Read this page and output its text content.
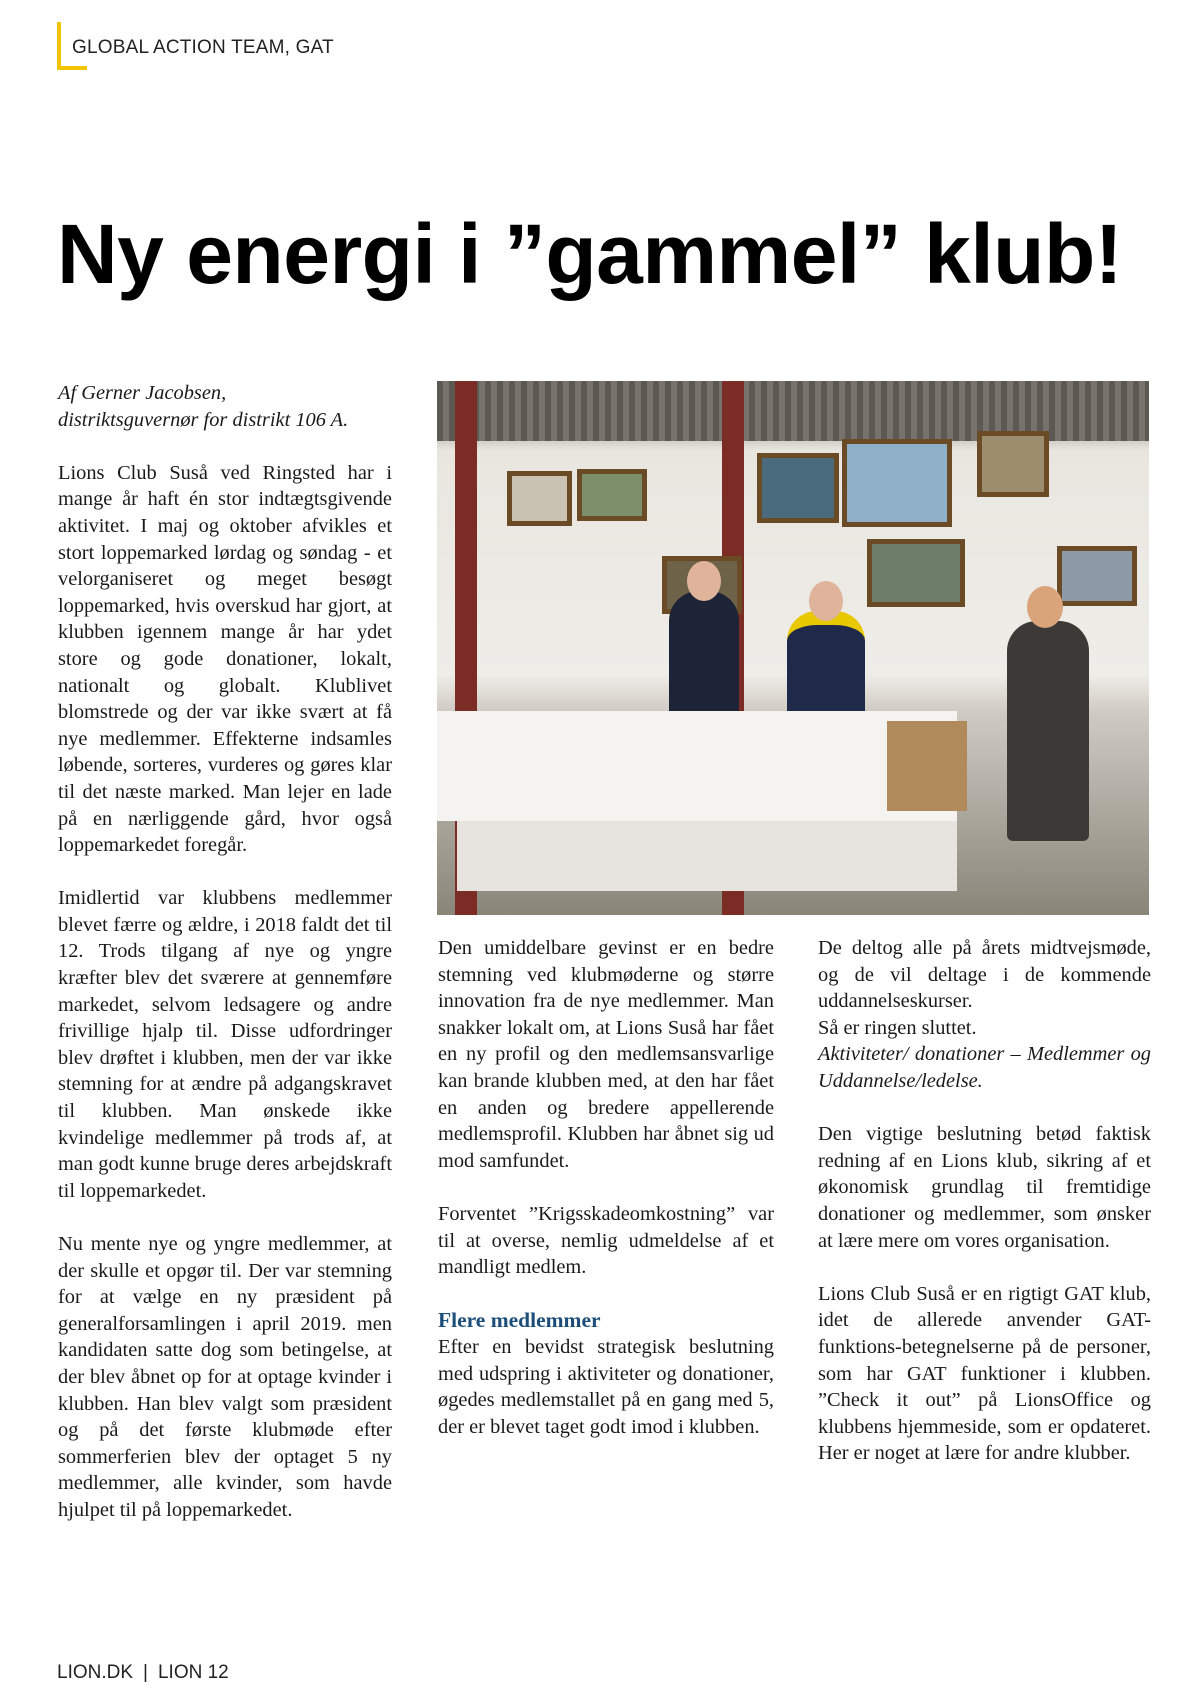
GLOBAL ACTION TEAM, GAT
Ny energi i ”gammel” klub!
Af Gerner Jacobsen,
distriktsguvernør for distrikt 106 A.

Lions Club Suså ved Ringsted har i mange år haft én stor indtægtsgivende aktivitet. I maj og oktober afvikles et stort loppemarked lørdag og søndag - et velorganiseret og meget besøgt loppemarked, hvis overskud har gjort, at klubben igennem mange år har ydet store og gode donationer, lokalt, nationalt og globalt. Klublivet blomstrede og der var ikke svært at få nye medlemmer. Effekterne indsamles løbende, sorteres, vurderes og gøres klar til det næste marked. Man lejer en lade på en nærliggende gård, hvor også loppemarkedet foregår.

Imidlertid var klubbens medlemmer blevet færre og ældre, i 2018 faldt det til 12. Trods tilgang af nye og yngre kræfter blev det sværere at gennemføre markedet, selvom ledsagere og andre frivillige hjalp til. Disse udfordringer blev drøftet i klubben, men der var ikke stemning for at ændre på adgangskravet til klubben. Man ønskede ikke kvindelige medlemmer på trods af, at man godt kunne bruge deres arbejdskraft til loppemarkedet.

Nu mente nye og yngre medlemmer, at der skulle et opgør til. Der var stemning for at vælge en ny præsident på generalforsamlingen i april 2019. men kandidaten satte dog som betingelse, at der blev åbnet op for at optage kvinder i klubben. Han blev valgt som præsident og på det første klubmøde efter sommerferien blev der optaget 5 ny medlemmer, alle kvinder, som havde hjulpet til på loppemarkedet.

Den umiddelbare gevinst er en bedre stemning ved klubmøderne og større innovation fra de nye medlemmer. Man snakker lokalt om, at Lions Suså har fået en ny profil og den medlemsansvarlige kan brande klubben med, at den har fået en anden og bredere appellerende medlemsprofil. Klubben har åbnet sig ud mod samfundet.

Forventet ”Krigsskadeomkostning” var til at overse, nemlig udmeldelse af et mandligt medlem.

Flere medlemmer

Efter en bevidst strategisk beslutning med udspring i aktiviteter og donationer, øgedes medlemstallet på en gang med 5, der er blevet taget godt imod i klubben.

De deltog alle på årets midtvejsmøde, og de vil deltage i de kommende uddannelseskurser.

Så er ringen sluttet.

Aktiviteter/ donationer – Medlemmer og Uddannelse/ledelse.

Den vigtige beslutning betød faktisk redning af en Lions klub, sikring af et økonomisk grundlag til fremtidige donationer og medlemmer, som ønsker at lære mere om vores organisation.

Lions Club Suså er en rigtigt GAT klub, idet de allerede anvender GAT-funktions-betegnelserne på de personer, som har GAT funktioner i klubben. ”Check it out” på LionsOffice og klubbens hjemmeside, som er opdateret. Her er noget at lære for andre klubber.

LION.DK | LION 12
